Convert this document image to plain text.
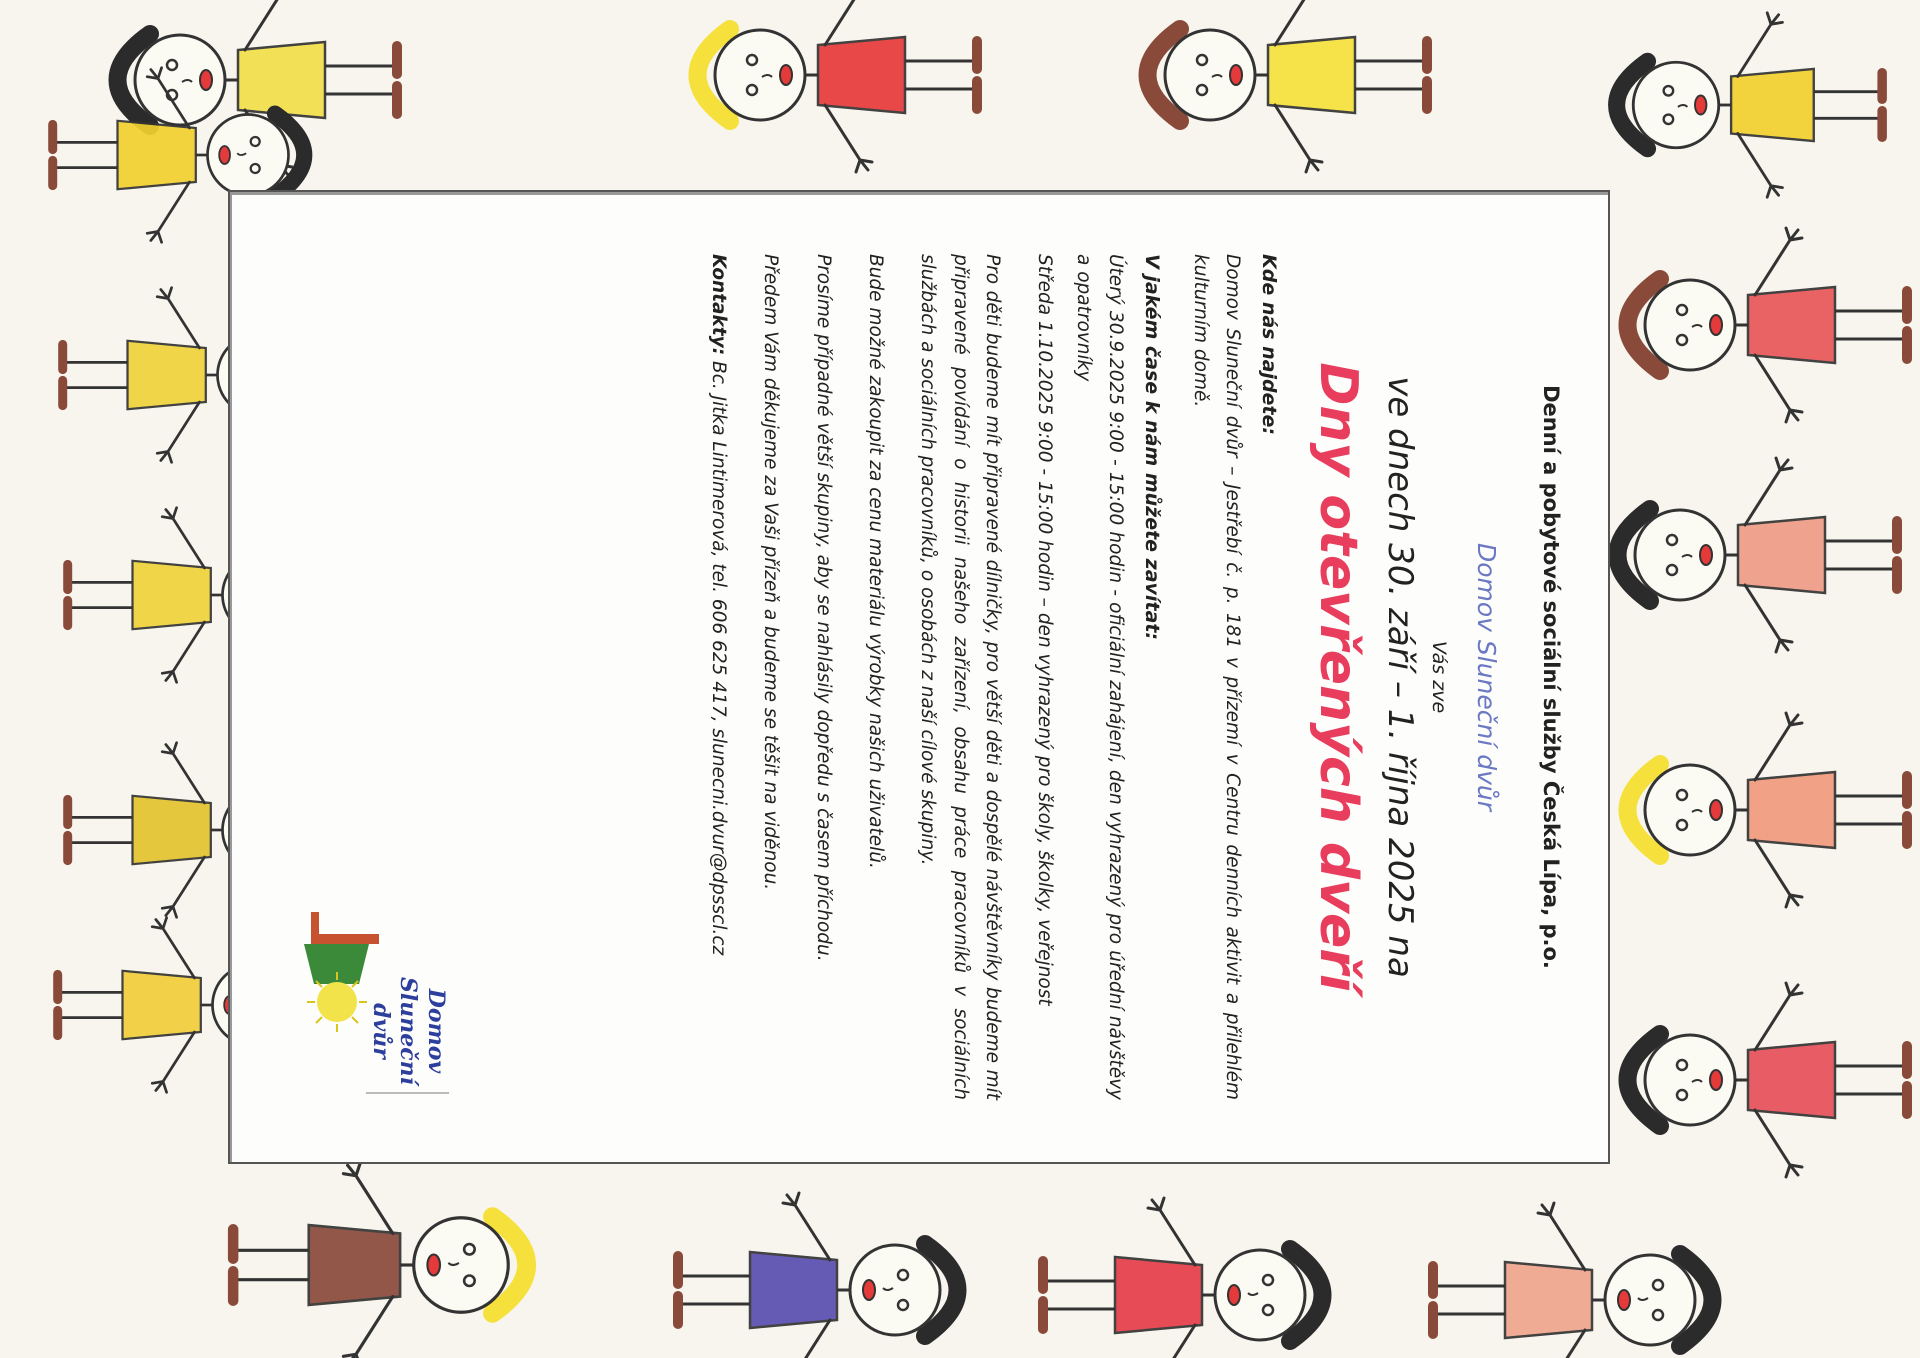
Denní a pobytové sociální služby Česká Lípa, p.o.
Domov Sluneční dvůr
Vás zve
ve dnech 30. září – 1. října 2025 na
Dny otevřených dveří
Kde nás najdete:

Domov Sluneční dvůr – Jestřebí č. p. 181 v přízemí v Centru denních aktivit a přilehlém kulturním domě.

V jakém čase k nám můžete zavítat:

Úterý 30.9.2025 9:00 - 15:00 hodin - oficiální zahájení, den vyhrazený pro úřední návštěvy a opatrovníky

Středa 1.10.2025 9:00 - 15:00 hodin – den vyhrazený pro školy, školky, veřejnost

Pro děti budeme mít připravené dílničky, pro větší děti a dospělé návštěvníky budeme mít připravené povídání o historii našeho zařízení, obsahu práce pracovníků v sociálních službách a sociálních pracovníků, o osobách z naší cílové skupiny.

Bude možné zakoupit za cenu materiálu výrobky našich uživatelů.

Prosíme případné větší skupiny, aby se nahlásily dopředu s časem příchodu.

Předem Vám děkujeme za Vaši přízeň a budeme se těšit na viděnou.

Kontakty: Bc. Jitka Lintimerová, tel. 606 625 417, slunecni.dvur@dpsscl.cz

Domov Sluneční dvůr
